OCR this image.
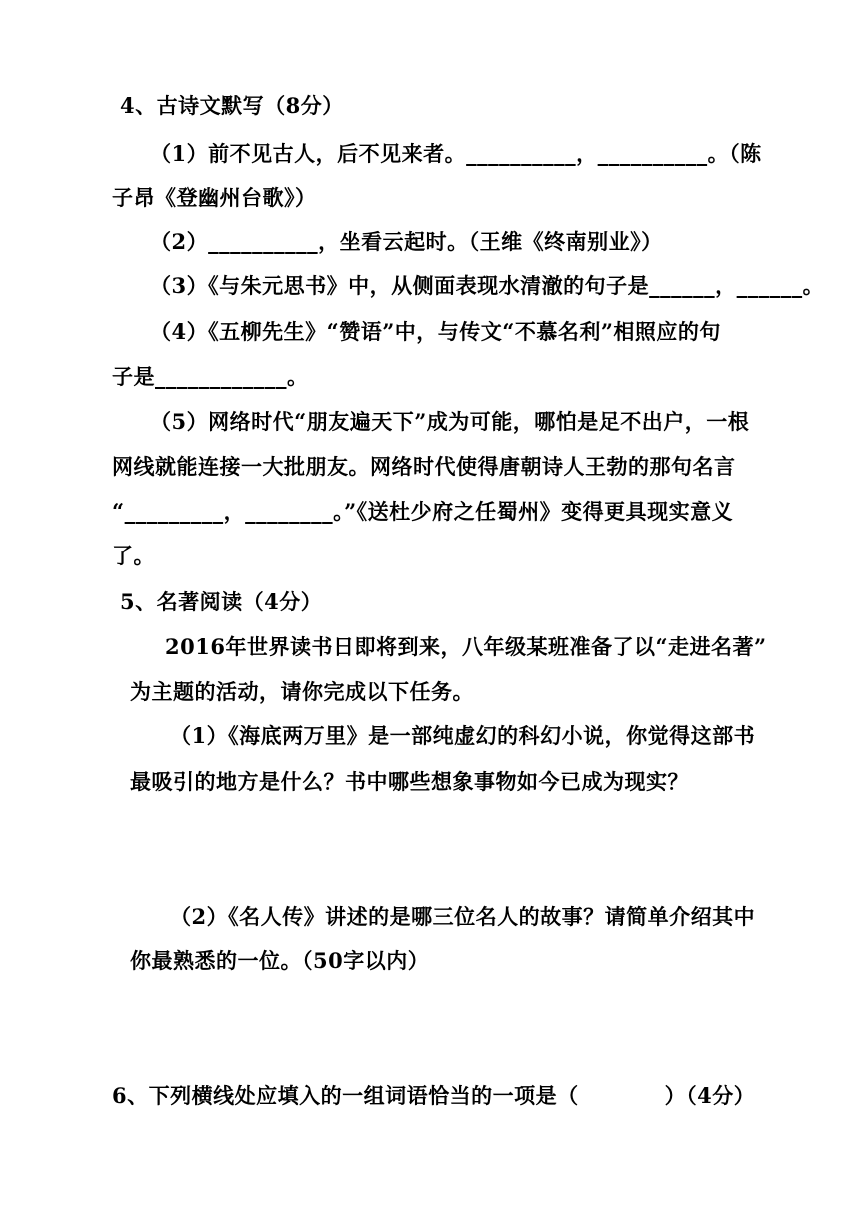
4、古诗文默写（8分）
（1）前不见古人，后不见来者。__________，__________。（陈
子昂《登幽州台歌》）
（2）__________，坐看云起时。（王维《终南别业》）
（3）《与朱元思书》中，从侧面表现水清澈的句子是______，______。
（4）《五柳先生》“赞语”中，与传文“不慕名利”相照应的句
子是____________。
（5）网络时代“朋友遍天下”成为可能，哪怕是足不出户，一根
网线就能连接一大批朋友。网络时代使得唐朝诗人王勃的那句名言
“_________，________。”《送杜少府之任蜀州》变得更具现实意义
了。
5、名著阅读（4分）
2016年世界读书日即将到来，八年级某班准备了以“走进名著”
为主题的活动，请你完成以下任务。
（1）《海底两万里》是一部纯虚幻的科幻小说，你觉得这部书
最吸引的地方是什么？书中哪些想象事物如今已成为现实？
（2）《名人传》讲述的是哪三位名人的故事？请简单介绍其中
你最熟悉的一位。（50字以内）
6、下列横线处应填入的一组词语恰当的一项是（　　　　）（4分）
